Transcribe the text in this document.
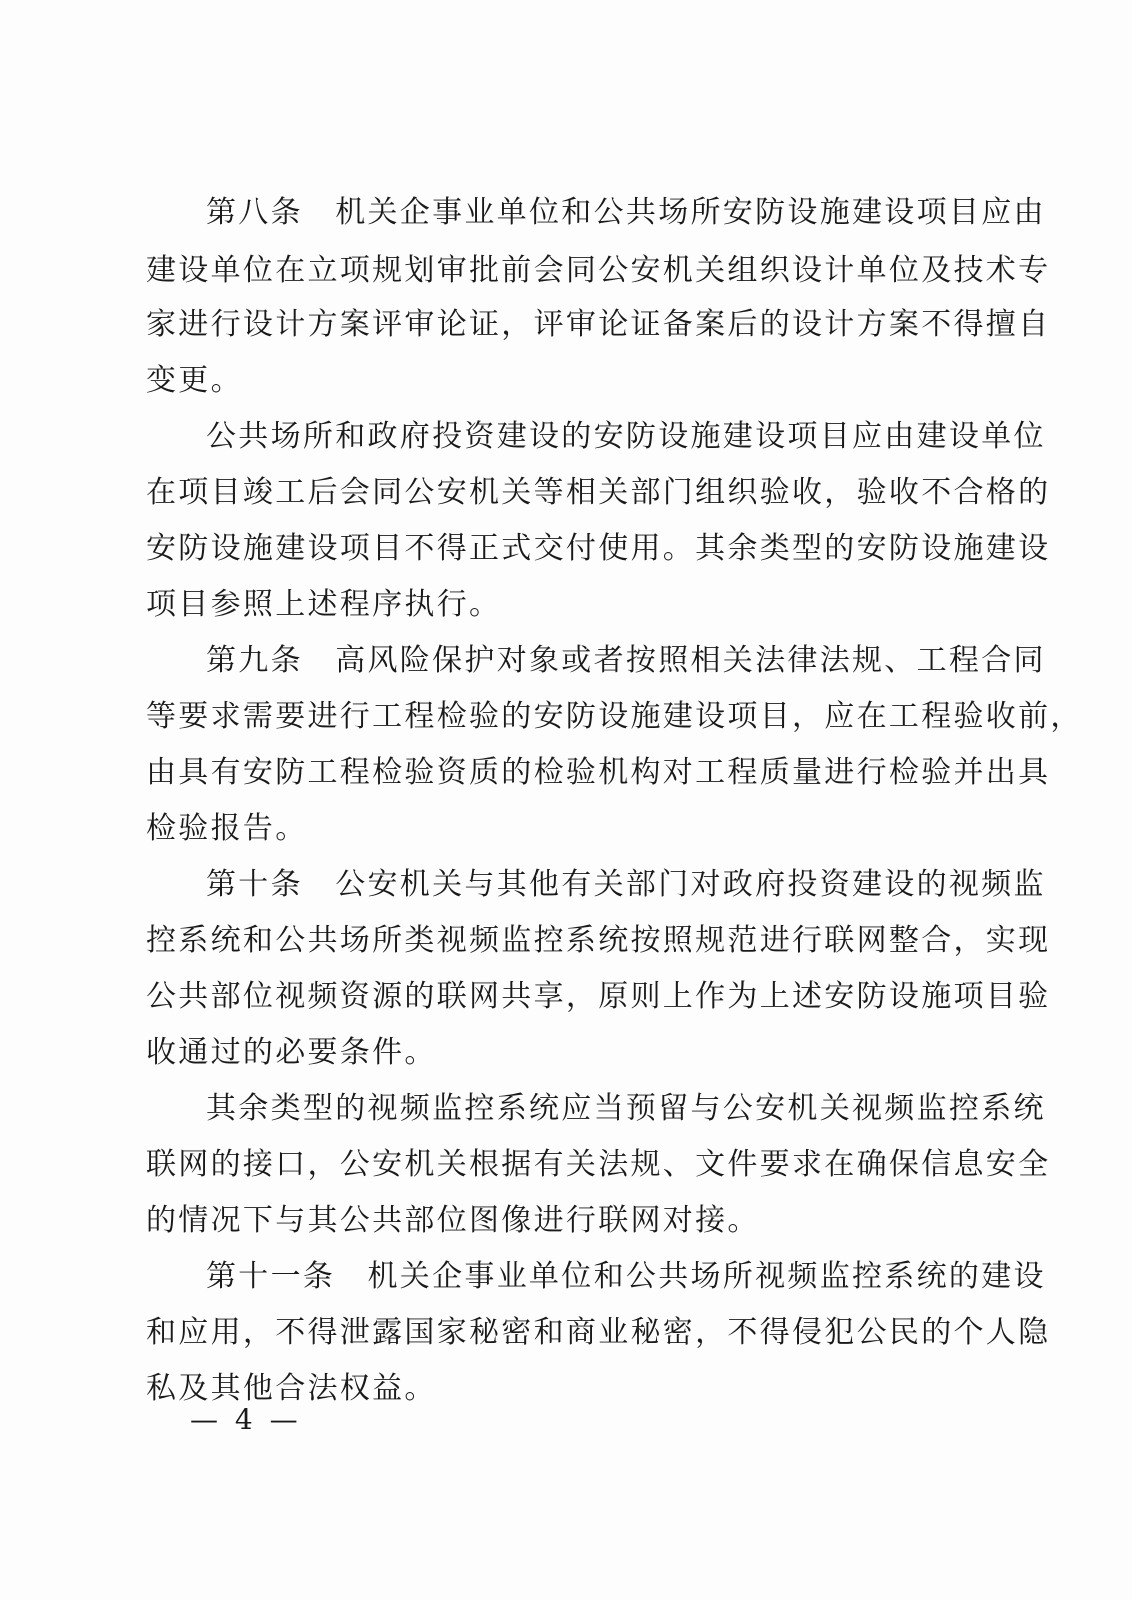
第八条　机关企事业单位和公共场所安防设施建设项目应由
建设单位在立项规划审批前会同公安机关组织设计单位及技术专
家进行设计方案评审论证，评审论证备案后的设计方案不得擅自
变更。
公共场所和政府投资建设的安防设施建设项目应由建设单位
在项目竣工后会同公安机关等相关部门组织验收，验收不合格的
安防设施建设项目不得正式交付使用。其余类型的安防设施建设
项目参照上述程序执行。
第九条　高风险保护对象或者按照相关法律法规、工程合同
等要求需要进行工程检验的安防设施建设项目，应在工程验收前，
由具有安防工程检验资质的检验机构对工程质量进行检验并出具
检验报告。
第十条　公安机关与其他有关部门对政府投资建设的视频监
控系统和公共场所类视频监控系统按照规范进行联网整合，实现
公共部位视频资源的联网共享，原则上作为上述安防设施项目验
收通过的必要条件。
其余类型的视频监控系统应当预留与公安机关视频监控系统
联网的接口，公安机关根据有关法规、文件要求在确保信息安全
的情况下与其公共部位图像进行联网对接。
第十一条　机关企事业单位和公共场所视频监控系统的建设
和应用，不得泄露国家秘密和商业秘密，不得侵犯公民的个人隐
私及其他合法权益。
— 4 —
